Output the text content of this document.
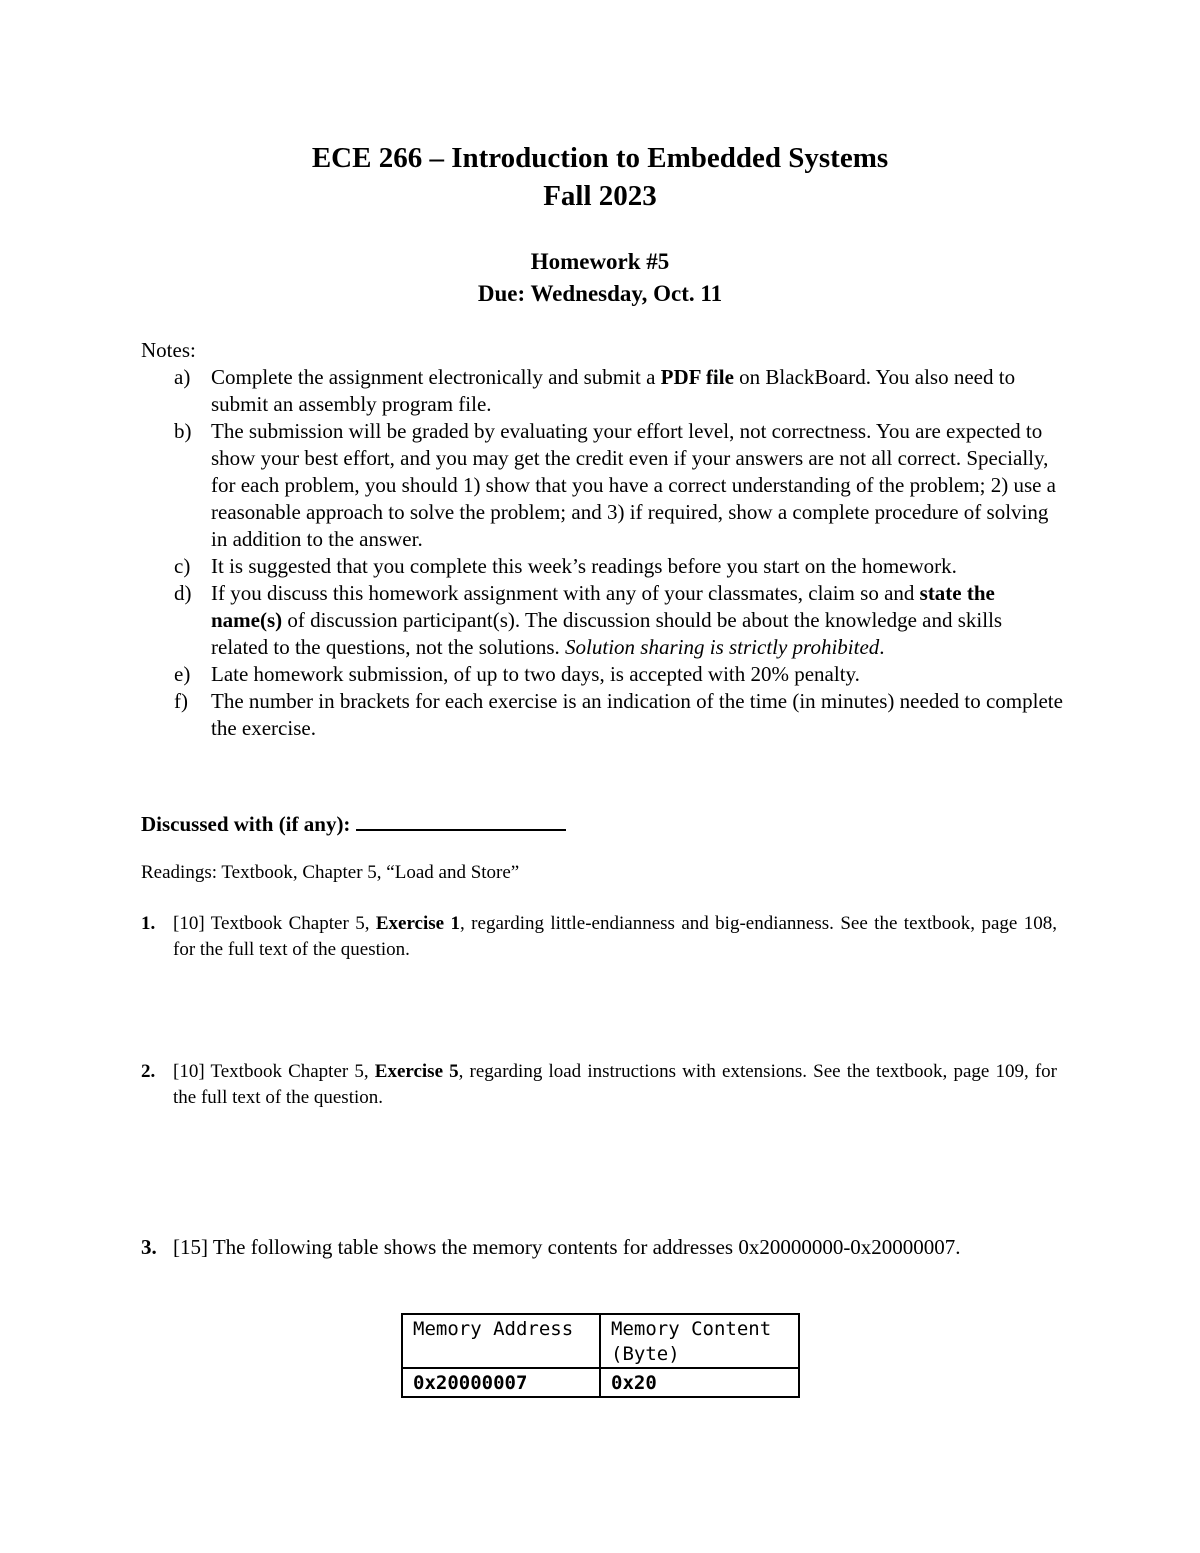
ECE 266 – Introduction to Embedded Systems
Fall 2023
Homework #5
Due: Wednesday, Oct. 11
Notes:
a) Complete the assignment electronically and submit a PDF file on BlackBoard. You also need to submit an assembly program file.
b) The submission will be graded by evaluating your effort level, not correctness. You are expected to show your best effort, and you may get the credit even if your answers are not all correct. Specially, for each problem, you should 1) show that you have a correct understanding of the problem; 2) use a reasonable approach to solve the problem; and 3) if required, show a complete procedure of solving in addition to the answer.
c) It is suggested that you complete this week’s readings before you start on the homework.
d) If you discuss this homework assignment with any of your classmates, claim so and state the name(s) of discussion participant(s). The discussion should be about the knowledge and skills related to the questions, not the solutions. Solution sharing is strictly prohibited.
e) Late homework submission, of up to two days, is accepted with 20% penalty.
f) The number in brackets for each exercise is an indication of the time (in minutes) needed to complete the exercise.
Discussed with (if any):
Readings: Textbook, Chapter 5, “Load and Store”
1. [10] Textbook Chapter 5, Exercise 1, regarding little-endianness and big-endianness. See the textbook, page 108, for the full text of the question.
2. [10] Textbook Chapter 5, Exercise 5, regarding load instructions with extensions. See the textbook, page 109, for the full text of the question.
3. [15] The following table shows the memory contents for addresses 0x20000000-0x20000007.
Memory Address	Memory Content (Byte)
0x20000007	0x20
